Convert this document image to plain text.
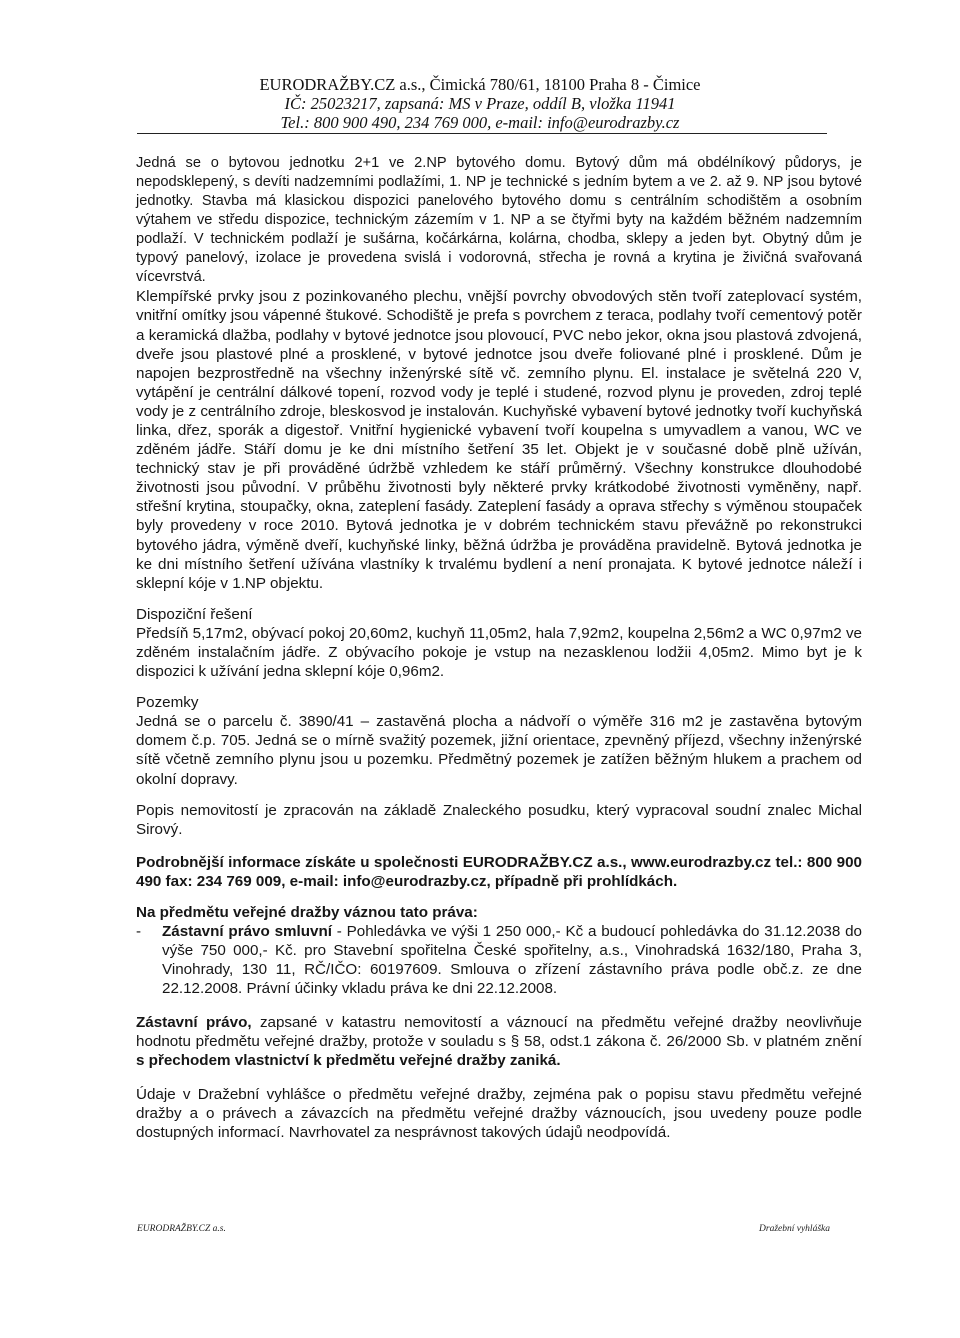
EURODRAŽBY.CZ a.s., Čimická 780/61, 18100 Praha 8 - Čimice
IČ: 25023217, zapsaná: MS v Praze, oddíl B, vložka 11941
Tel.: 800 900 490, 234 769 000, e-mail: info@eurodrazby.cz

Jedná se o bytovou jednotku 2+1 ve 2.NP bytového domu. Bytový dům má obdélníkový půdorys, je nepodsklepený, s devíti nadzemními podlažími, 1. NP je technické s jedním bytem a ve 2. až 9. NP jsou bytové jednotky. Stavba má klasickou dispozici panelového bytového domu s centrálním schodištěm a osobním výtahem ve středu dispozice, technickým zázemím v 1. NP a se čtyřmi byty na každém běžném nadzemním podlaží. V technickém podlaží je sušárna, kočárkárna, kolárna, chodba, sklepy a jeden byt. Obytný dům je typový panelový, izolace je provedena svislá i vodorovná, střecha je rovná a krytina je živičná svařovaná vícevrstvá.

Klempířské prvky jsou z pozinkovaného plechu, vnější povrchy obvodových stěn tvoří zateplovací systém, vnitřní omítky jsou vápenné štukové. Schodiště je prefa s povrchem z teraca, podlahy tvoří cementový potěr a keramická dlažba, podlahy v bytové jednotce jsou plovoucí, PVC nebo jekor, okna jsou plastová zdvojená, dveře jsou plastové plné a prosklené, v bytové jednotce jsou dveře foliované plné i prosklené. Dům je napojen bezprostředně na všechny inženýrské sítě vč. zemního plynu. El. instalace je světelná 220 V, vytápění je centrální dálkové topení, rozvod vody je teplé i studené, rozvod plynu je proveden, zdroj teplé vody je z centrálního zdroje, bleskosvod je instalován. Kuchyňské vybavení bytové jednotky tvoří kuchyňská linka, dřez, sporák a digestoř. Vnitřní hygienické vybavení tvoří koupelna s umyvadlem a vanou, WC ve zděném jádře. Stáří domu je ke dni místního šetření 35 let. Objekt je v současné době plně užíván, technický stav je při prováděné údržbě vzhledem ke stáří průměrný. Všechny konstrukce dlouhodobé životnosti jsou původní. V průběhu životnosti byly některé prvky krátkodobé životnosti vyměněny, např. střešní krytina, stoupačky, okna, zateplení fasády. Zateplení fasády a oprava střechy s výměnou stoupaček byly provedeny v roce 2010. Bytová jednotka je v dobrém technickém stavu převážně po rekonstrukci bytového jádra, výměně dveří, kuchyňské linky, běžná údržba je prováděna pravidelně. Bytová jednotka je ke dni místního šetření užívána vlastníky k trvalému bydlení a není pronajata. K bytové jednotce náleží i sklepní kóje v 1.NP objektu.

Dispoziční řešení

Předsíň 5,17m2, obývací pokoj 20,60m2, kuchyň 11,05m2, hala 7,92m2, koupelna 2,56m2 a WC 0,97m2 ve zděném instalačním jádře. Z obývacího pokoje je vstup na nezasklenou lodžii 4,05m2. Mimo byt je k dispozici k užívání jedna sklepní kóje 0,96m2.

Pozemky

Jedná se o parcelu č. 3890/41 – zastavěná plocha a nádvoří o výměře 316 m2 je zastavěna bytovým domem č.p. 705. Jedná se o mírně svažitý pozemek, jižní orientace, zpevněný příjezd, všechny inženýrské sítě včetně zemního plynu jsou u pozemku. Předmětný pozemek je zatížen běžným hlukem a prachem od okolní dopravy.

Popis nemovitostí je zpracován na základě Znaleckého posudku, který vypracoval soudní znalec Michal Sirový.

Podrobnější informace získáte u společnosti EURODRAŽBY.CZ a.s., www.eurodrazby.cz tel.: 800 900 490 fax: 234 769 009, e-mail: info@eurodrazby.cz, případně při prohlídkách.

Na předmětu veřejné dražby váznou tato práva:
- Zástavní právo smluvní - Pohledávka ve výši 1 250 000,- Kč a budoucí pohledávka do 31.12.2038 do výše 750 000,- Kč. pro Stavební spořitelna České spořitelny, a.s., Vinohradská 1632/180, Praha 3, Vinohrady, 130 11, RČ/IČO: 60197609. Smlouva o zřízení zástavního práva podle obč.z. ze dne 22.12.2008. Právní účinky vkladu práva ke dni 22.12.2008.

Zástavní právo, zapsané v katastru nemovitostí a váznoucí na předmětu veřejné dražby neovlivňuje hodnotu předmětu veřejné dražby, protože v souladu s § 58, odst.1 zákona č. 26/2000 Sb. v platném znění s přechodem vlastnictví k předmětu veřejné dražby zaniká.

Údaje v Dražební vyhlášce o předmětu veřejné dražby, zejména pak o popisu stavu předmětu veřejné dražby a o právech a závazcích na předmětu veřejné dražby váznoucích, jsou uvedeny pouze podle dostupných informací. Navrhovatel za nesprávnost takových údajů neodpovídá.

EURODRAŽBY.CZ a.s.	Dražební vyhláška
